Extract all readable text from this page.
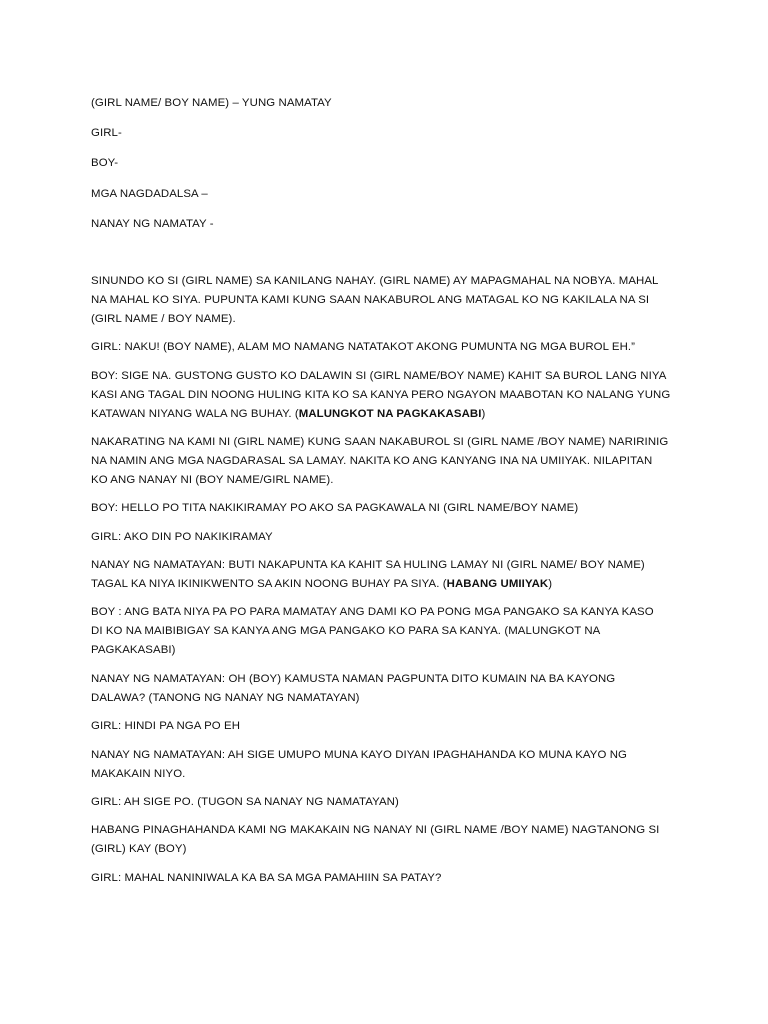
(GIRL NAME/ BOY NAME) – YUNG NAMATAY

GIRL-

BOY-

MGA NAGDADALSA –

NANAY NG NAMATAY -

SINUNDO KO SI (GIRL NAME) SA KANILANG NAHAY. (GIRL NAME) AY MAPAGMAHAL NA NOBYA. MAHAL

NA MAHAL KO SIYA. PUPUNTA KAMI KUNG SAAN NAKABUROL ANG MATAGAL KO NG KAKILALA NA SI

(GIRL NAME / BOY NAME).

GIRL: NAKU! (BOY NAME), ALAM MO NAMANG NATATAKOT AKONG PUMUNTA NG MGA BUROL EH.”

BOY: SIGE NA. GUSTONG GUSTO KO DALAWIN SI (GIRL NAME/BOY NAME) KAHIT SA BUROL LANG NIYA

KASI ANG TAGAL DIN NOONG HULING KITA KO SA KANYA PERO NGAYON MAABOTAN KO NALANG YUNG

KATAWAN NIYANG WALA NG BUHAY. (MALUNGKOT NA PAGKAKASABI)

NAKARATING NA KAMI NI (GIRL NAME) KUNG SAAN NAKABUROL SI (GIRL NAME /BOY NAME) NARIRINIG

NA NAMIN ANG MGA NAGDARASAL SA LAMAY. NAKITA KO ANG KANYANG INA NA UMIIYAK. NILAPITAN

KO ANG NANAY NI (BOY NAME/GIRL NAME).

BOY: HELLO PO TITA NAKIKIRAMAY PO AKO SA PAGKAWALA NI (GIRL NAME/BOY NAME)

GIRL: AKO DIN PO NAKIKIRAMAY

NANAY NG NAMATAYAN: BUTI NAKAPUNTA KA KAHIT SA HULING LAMAY NI (GIRL NAME/ BOY NAME)

TAGAL KA NIYA IKINIKWENTO SA AKIN NOONG BUHAY PA SIYA. (HABANG UMIIYAK)

BOY : ANG BATA NIYA PA PO PARA MAMATAY ANG DAMI KO PA PONG MGA PANGAKO SA KANYA KASO

DI KO NA MAIBIBIGAY SA KANYA ANG MGA PANGAKO KO PARA SA KANYA. (MALUNGKOT NA

PAGKAKASABI)

NANAY NG NAMATAYAN: OH (BOY) KAMUSTA NAMAN PAGPUNTA DITO KUMAIN NA BA KAYONG

DALAWA? (TANONG NG NANAY NG NAMATAYAN)

GIRL: HINDI PA NGA PO EH

NANAY NG NAMATAYAN: AH SIGE UMUPO MUNA KAYO DIYAN IPAGHAHANDA KO MUNA KAYO NG

MAKAKAIN NIYO.

GIRL: AH SIGE PO. (TUGON SA NANAY NG NAMATAYAN)

HABANG PINAGHAHANDA KAMI NG MAKAKAIN NG NANAY NI (GIRL NAME /BOY NAME) NAGTANONG SI

(GIRL) KAY (BOY)

GIRL: MAHAL NANINIWALA KA BA SA MGA PAMAHIIN SA PATAY?
